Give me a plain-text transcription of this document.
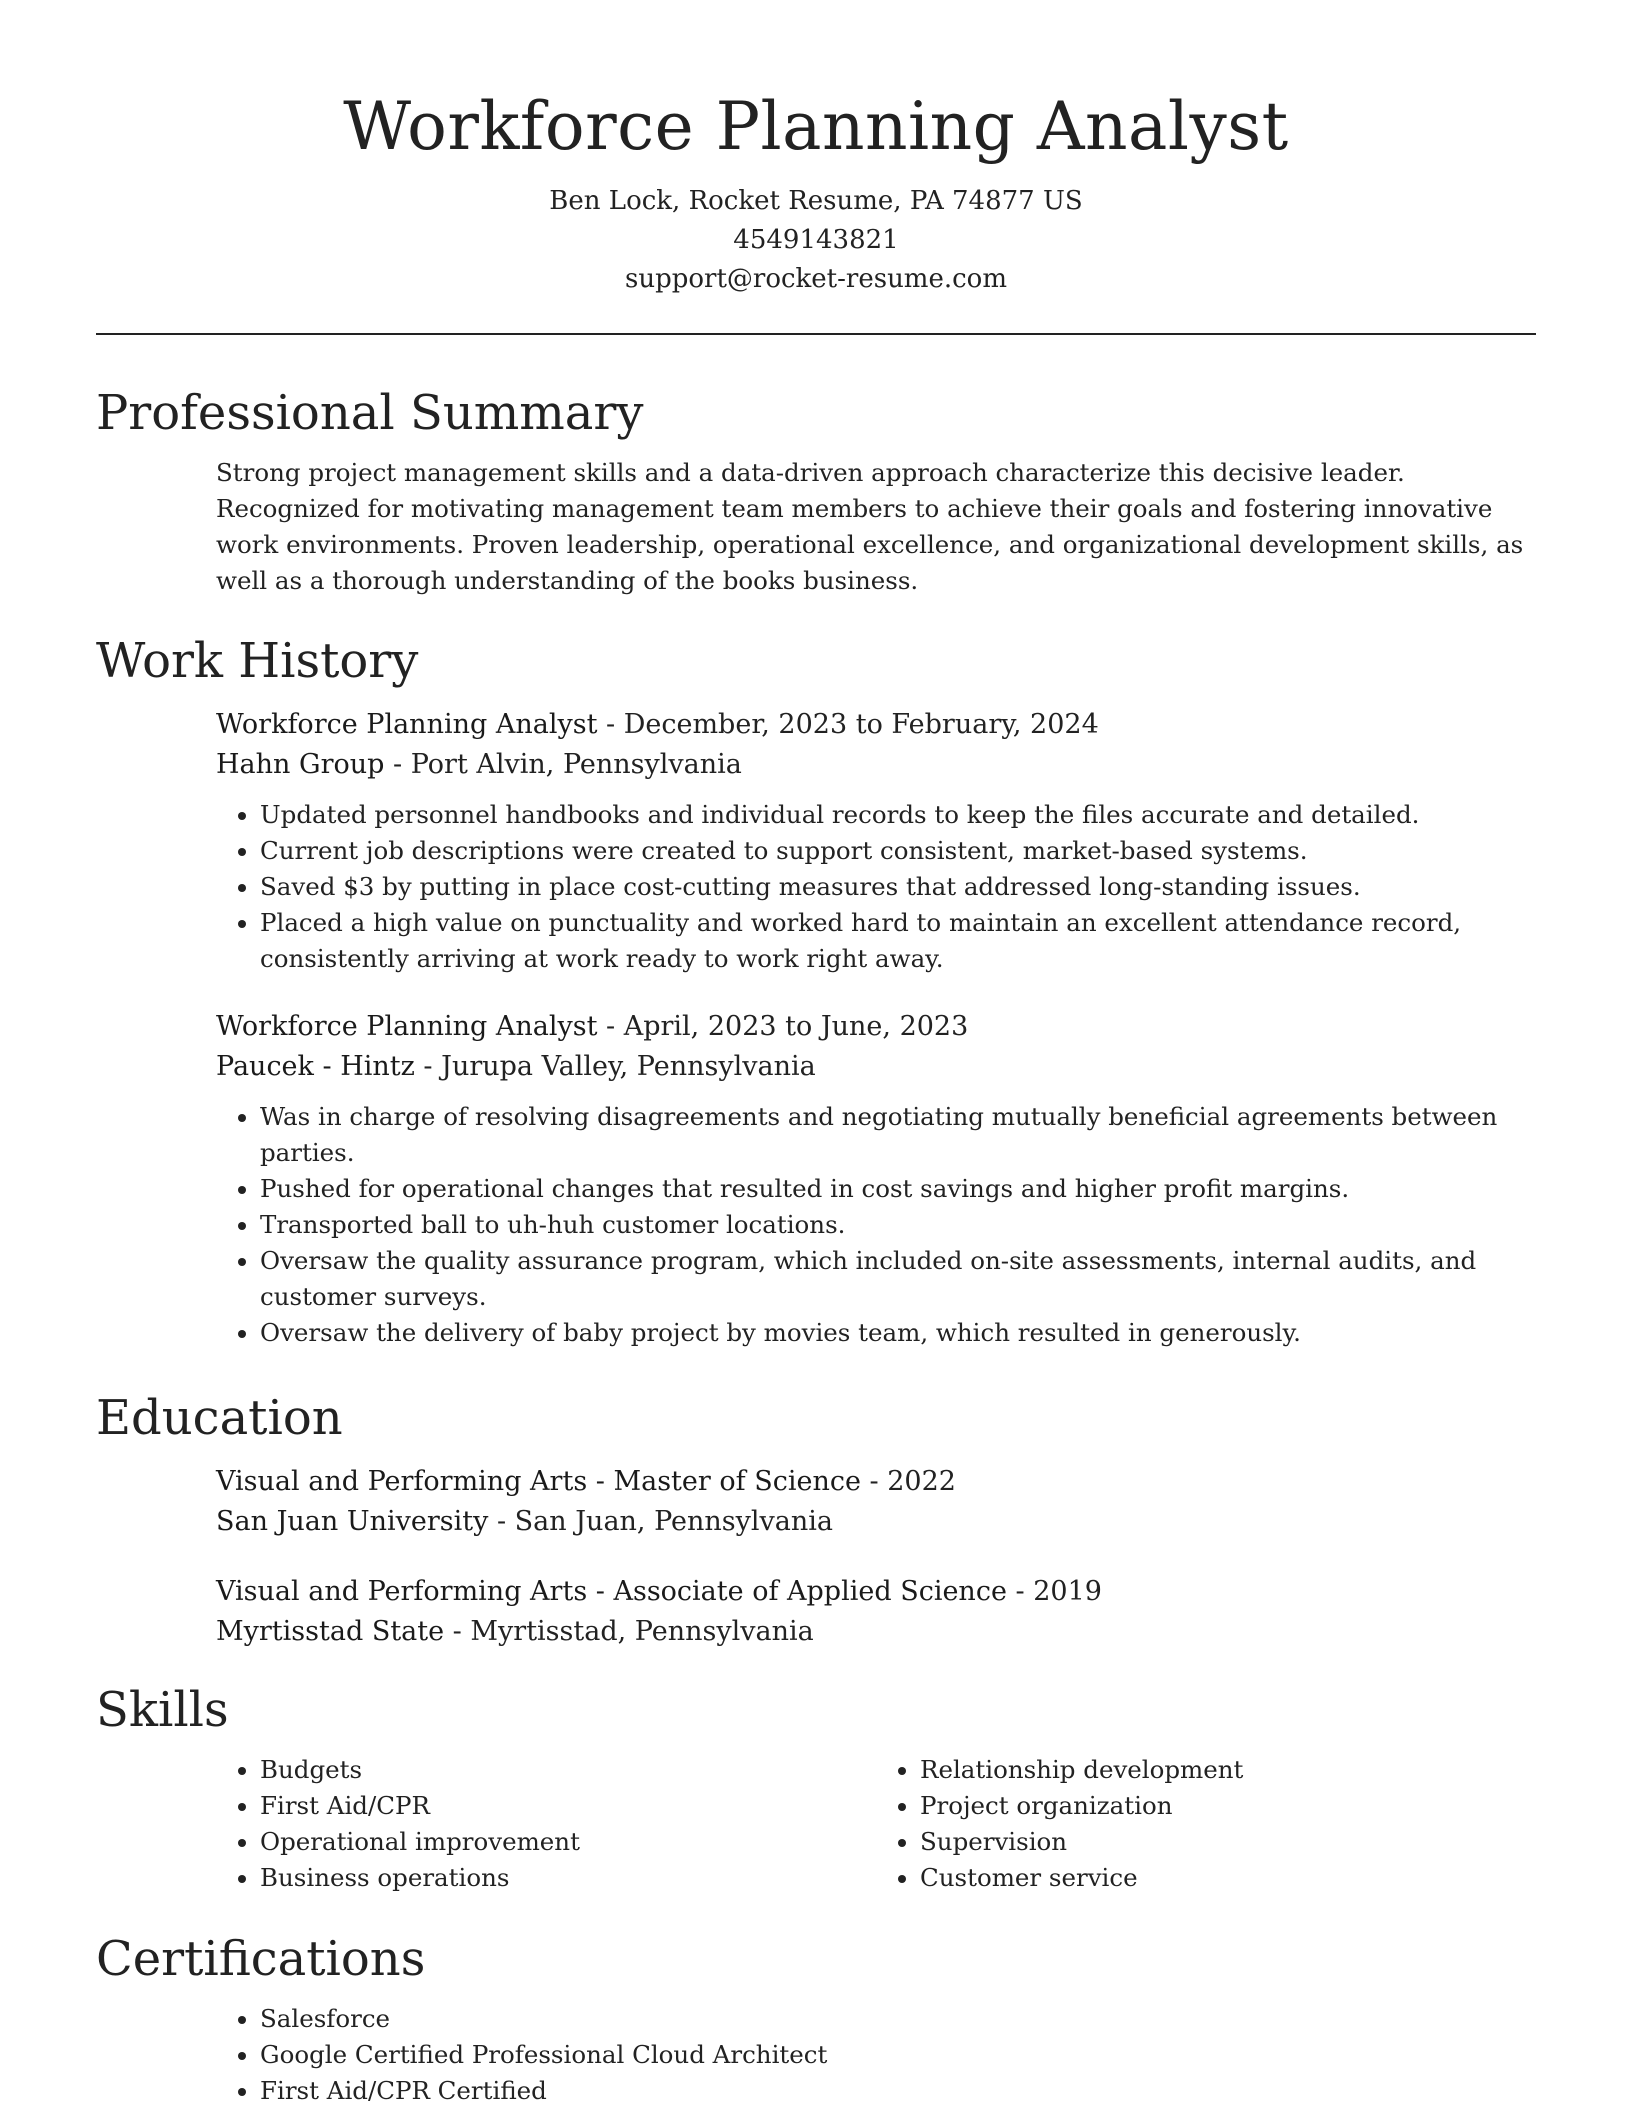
Workforce Planning Analyst
Ben Lock, Rocket Resume, PA 74877 US
4549143821
support@rocket-resume.com
Professional Summary
Strong project management skills and a data-driven approach characterize this decisive leader. Recognized for motivating management team members to achieve their goals and fostering innovative work environments. Proven leadership, operational excellence, and organizational development skills, as well as a thorough understanding of the books business.
Work History
Workforce Planning Analyst - December, 2023 to February, 2024
Hahn Group - Port Alvin, Pennsylvania
• Updated personnel handbooks and individual records to keep the files accurate and detailed.
• Current job descriptions were created to support consistent, market-based systems.
• Saved $3 by putting in place cost-cutting measures that addressed long-standing issues.
• Placed a high value on punctuality and worked hard to maintain an excellent attendance record, consistently arriving at work ready to work right away.
Workforce Planning Analyst - April, 2023 to June, 2023
Paucek - Hintz - Jurupa Valley, Pennsylvania
• Was in charge of resolving disagreements and negotiating mutually beneficial agreements between parties.
• Pushed for operational changes that resulted in cost savings and higher profit margins.
• Transported ball to uh-huh customer locations.
• Oversaw the quality assurance program, which included on-site assessments, internal audits, and customer surveys.
• Oversaw the delivery of baby project by movies team, which resulted in generously.
Education
Visual and Performing Arts - Master of Science - 2022
San Juan University - San Juan, Pennsylvania
Visual and Performing Arts - Associate of Applied Science - 2019
Myrtisstad State - Myrtisstad, Pennsylvania
Skills
• Budgets
• First Aid/CPR
• Operational improvement
• Business operations
• Relationship development
• Project organization
• Supervision
• Customer service
Certifications
• Salesforce
• Google Certified Professional Cloud Architect
• First Aid/CPR Certified
